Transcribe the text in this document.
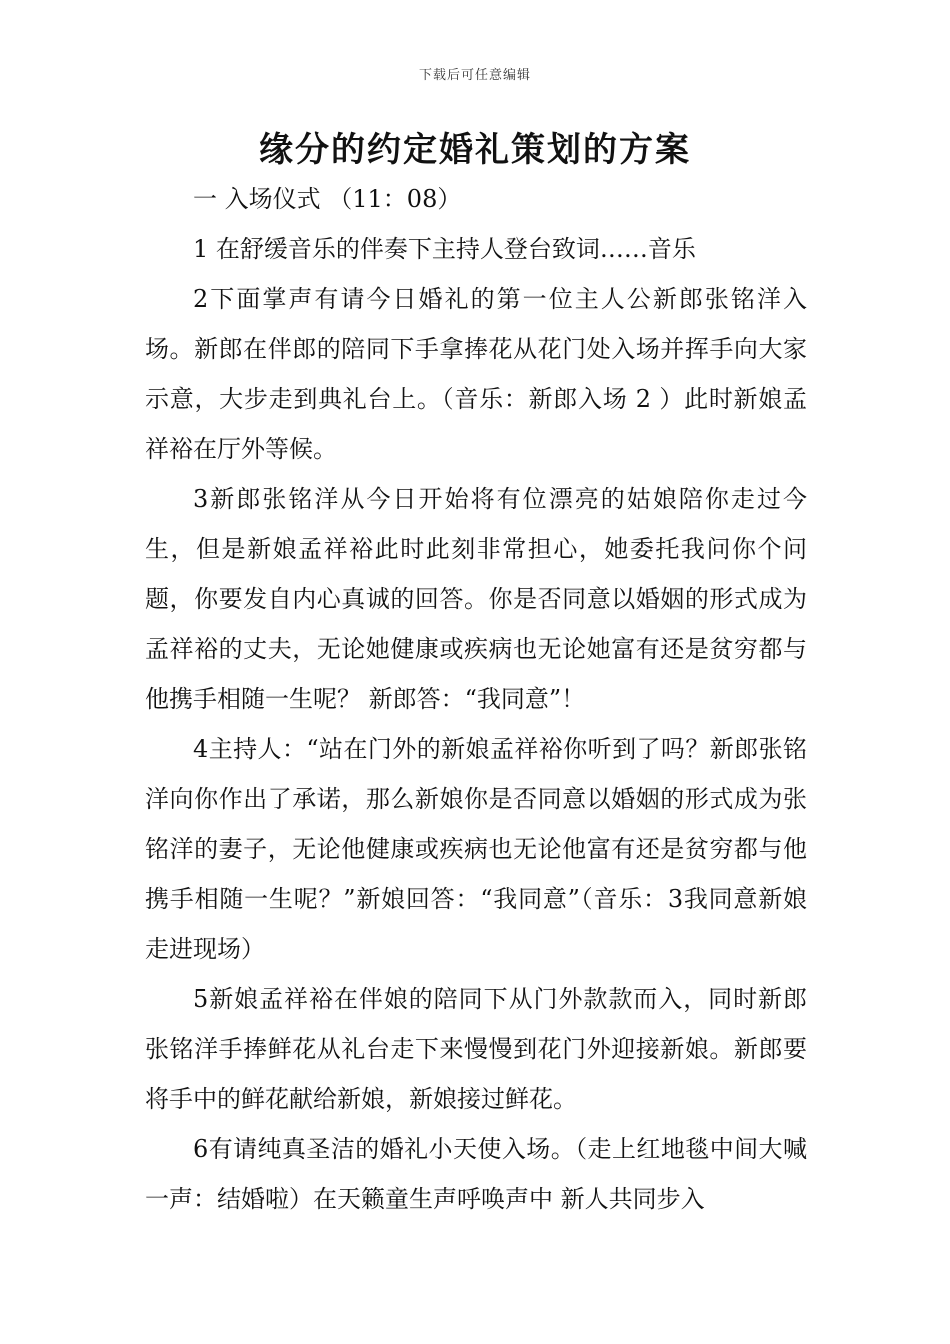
下载后可任意编辑
缘分的约定婚礼策划的方案

一 入场仪式 （11：08）

1 在舒缓音乐的伴奏下主持人登台致词……音乐

2下面掌声有请今日婚礼的第一位主人公新郎张铭洋入场。新郎在伴郎的陪同下手拿捧花从花门处入场并挥手向大家示意，大步走到典礼台上。（音乐：新郎入场 2 ）此时新娘孟祥裕在厅外等候。

3新郎张铭洋从今日开始将有位漂亮的姑娘陪你走过今生，但是新娘孟祥裕此时此刻非常担心，她委托我问你个问题，你要发自内心真诚的回答。你是否同意以婚姻的形式成为孟祥裕的丈夫，无论她健康或疾病也无论她富有还是贫穷都与他携手相随一生呢？ 新郎答：“我同意”！

4主持人：“站在门外的新娘孟祥裕你听到了吗？新郎张铭洋向你作出了承诺，那么新娘你是否同意以婚姻的形式成为张铭洋的妻子，无论他健康或疾病也无论他富有还是贫穷都与他携手相随一生呢？”新娘回答：“我同意”（音乐：3我同意新娘走进现场）

5新娘孟祥裕在伴娘的陪同下从门外款款而入，同时新郎张铭洋手捧鲜花从礼台走下来慢慢到花门外迎接新娘。新郎要将手中的鲜花献给新娘，新娘接过鲜花。

6有请纯真圣洁的婚礼小天使入场。（走上红地毯中间大喊一声：结婚啦）在天籁童生声呼唤声中 新人共同步入
